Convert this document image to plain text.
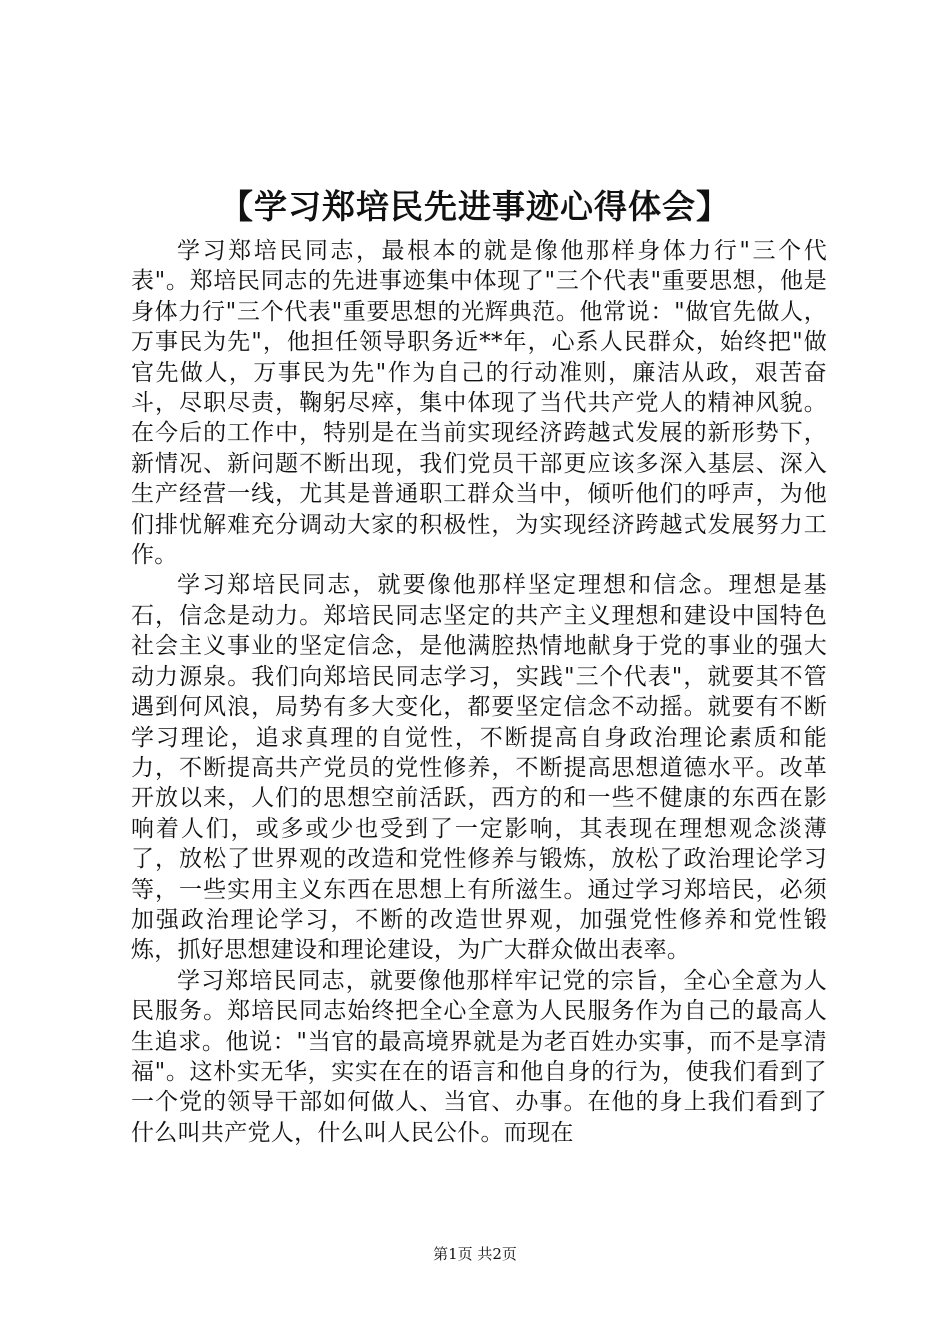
【学习郑培民先进事迹心得体会】

学习郑培民同志，最根本的就是像他那样身体力行"三个代表"。郑培民同志的先进事迹集中体现了"三个代表"重要思想，他是身体力行"三个代表"重要思想的光辉典范。他常说："做官先做人，万事民为先"，他担任领导职务近**年，心系人民群众，始终把"做官先做人，万事民为先"作为自己的行动准则，廉洁从政，艰苦奋斗，尽职尽责，鞠躬尽瘁，集中体现了当代共产党人的精神风貌。在今后的工作中，特别是在当前实现经济跨越式发展的新形势下，新情况、新问题不断出现，我们党员干部更应该多深入基层、深入生产经营一线，尤其是普通职工群众当中，倾听他们的呼声，为他们排忧解难充分调动大家的积极性，为实现经济跨越式发展努力工作。

学习郑培民同志，就要像他那样坚定理想和信念。理想是基石，信念是动力。郑培民同志坚定的共产主义理想和建设中国特色社会主义事业的坚定信念，是他满腔热情地献身于党的事业的强大动力源泉。我们向郑培民同志学习，实践"三个代表"，就要其不管遇到何风浪，局势有多大变化，都要坚定信念不动摇。就要有不断学习理论，追求真理的自觉性，不断提高自身政治理论素质和能力，不断提高共产党员的党性修养，不断提高思想道德水平。改革开放以来，人们的思想空前活跃，西方的和一些不健康的东西在影响着人们，或多或少也受到了一定影响，其表现在理想观念淡薄了，放松了世界观的改造和党性修养与锻炼，放松了政治理论学习等，一些实用主义东西在思想上有所滋生。通过学习郑培民，必须加强政治理论学习，不断的改造世界观，加强党性修养和党性锻炼，抓好思想建设和理论建设，为广大群众做出表率。

学习郑培民同志，就要像他那样牢记党的宗旨，全心全意为人民服务。郑培民同志始终把全心全意为人民服务作为自己的最高人生追求。他说："当官的最高境界就是为老百姓办实事，而不是享清福"。这朴实无华，实实在在的语言和他自身的行为，使我们看到了一个党的领导干部如何做人、当官、办事。在他的身上我们看到了什么叫共产党人，什么叫人民公仆。而现在

第1页 共2页
